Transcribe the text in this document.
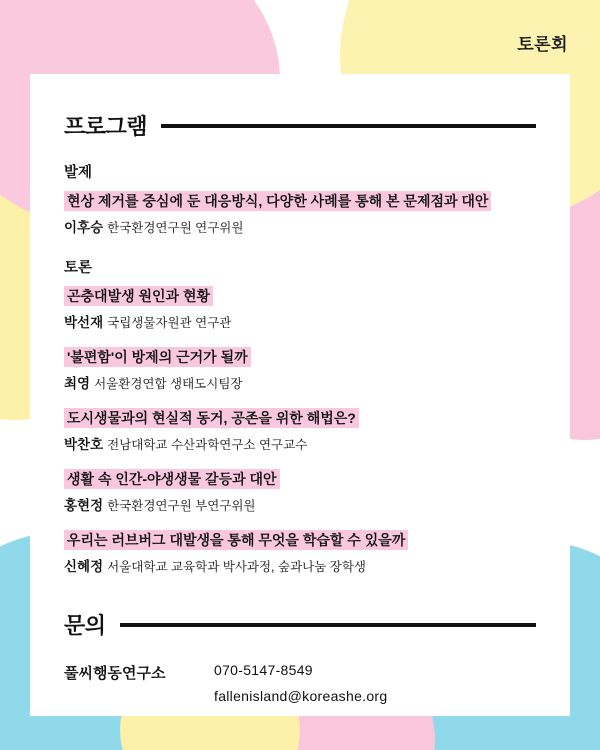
토론회
프로그램
발제
현상 제거를 중심에 둔 대응방식, 다양한 사례를 통해 본 문제점과 대안
이후승 한국환경연구원 연구위원
토론
곤충대발생 원인과 현황
박선재 국립생물자원관 연구관
'불편함'이 방제의 근거가 될까
최영 서울환경연합 생태도시팀장
도시생물과의 현실적 동거, 공존을 위한 해법은?
박찬호 전남대학교 수산과학연구소 연구교수
생활 속 인간-야생생물 갈등과 대안
홍현정 한국환경연구원 부연구위원
우리는 러브버그 대발생을 통해 무엇을 학습할 수 있을까
신혜정 서울대학교 교육학과 박사과정, 숲과나눔 장학생
문의
풀씨행동연구소	070-5147-8549
fallenisland@koreashe.org
